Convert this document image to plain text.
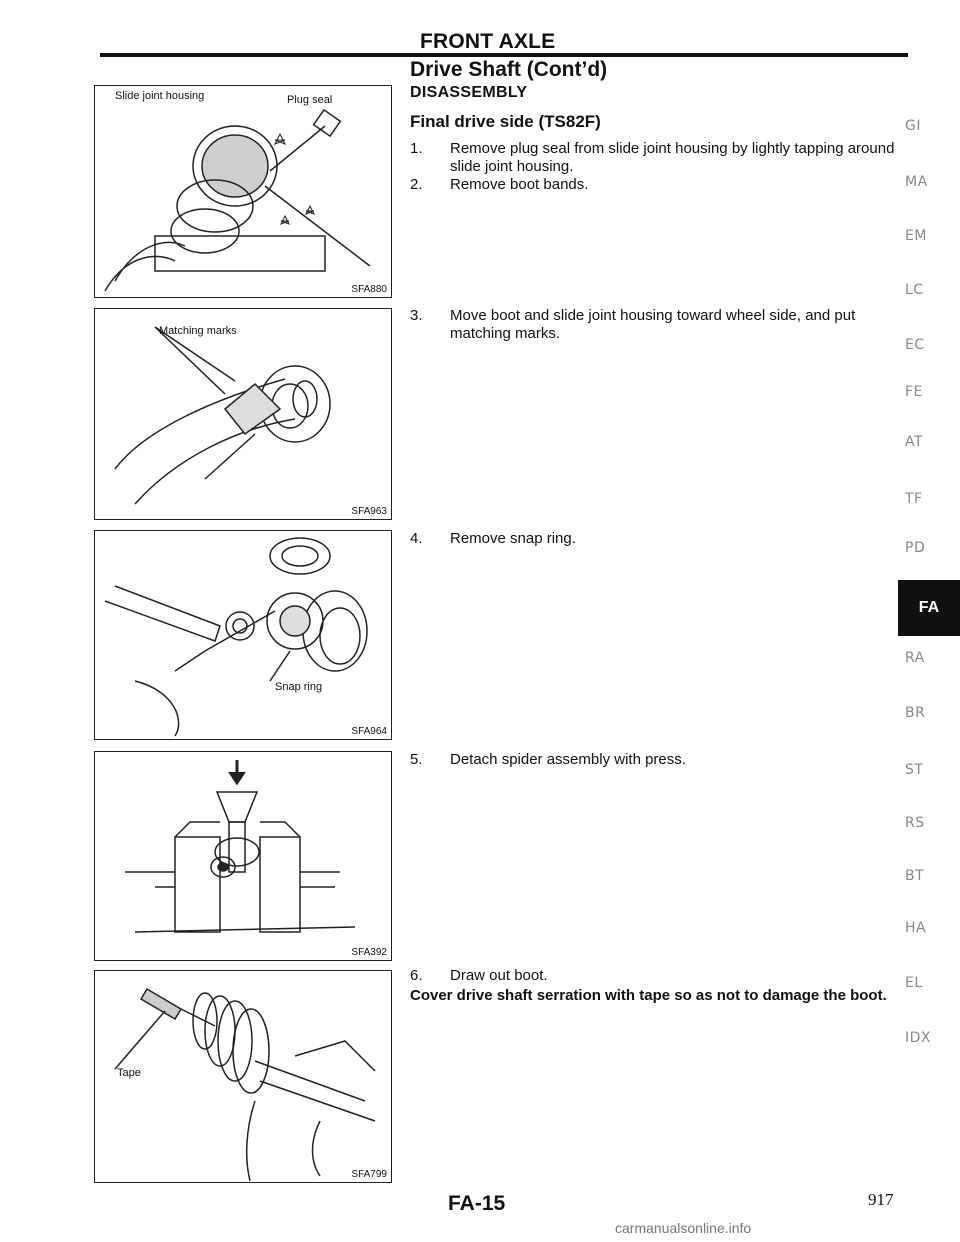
FRONT AXLE
Drive Shaft (Cont’d)
DISASSEMBLY
Final drive side (TS82F)
1. Remove plug seal from slide joint housing by lightly tapping around slide joint housing.
2. Remove boot bands.
3. Move boot and slide joint housing toward wheel side, and put matching marks.
4. Remove snap ring.
5. Detach spider assembly with press.
6. Draw out boot.
Cover drive shaft serration with tape so as not to damage the boot.
Slide joint housing	Plug seal
SFA880
Matching marks
SFA963
Snap ring
SFA964
SFA392
Tape
SFA799
GI
MA
EM
LC
EC
FE
AT
TF
PD
FA
RA
BR
ST
RS
BT
HA
EL
IDX
FA-15	917
carmanualsonline.info
